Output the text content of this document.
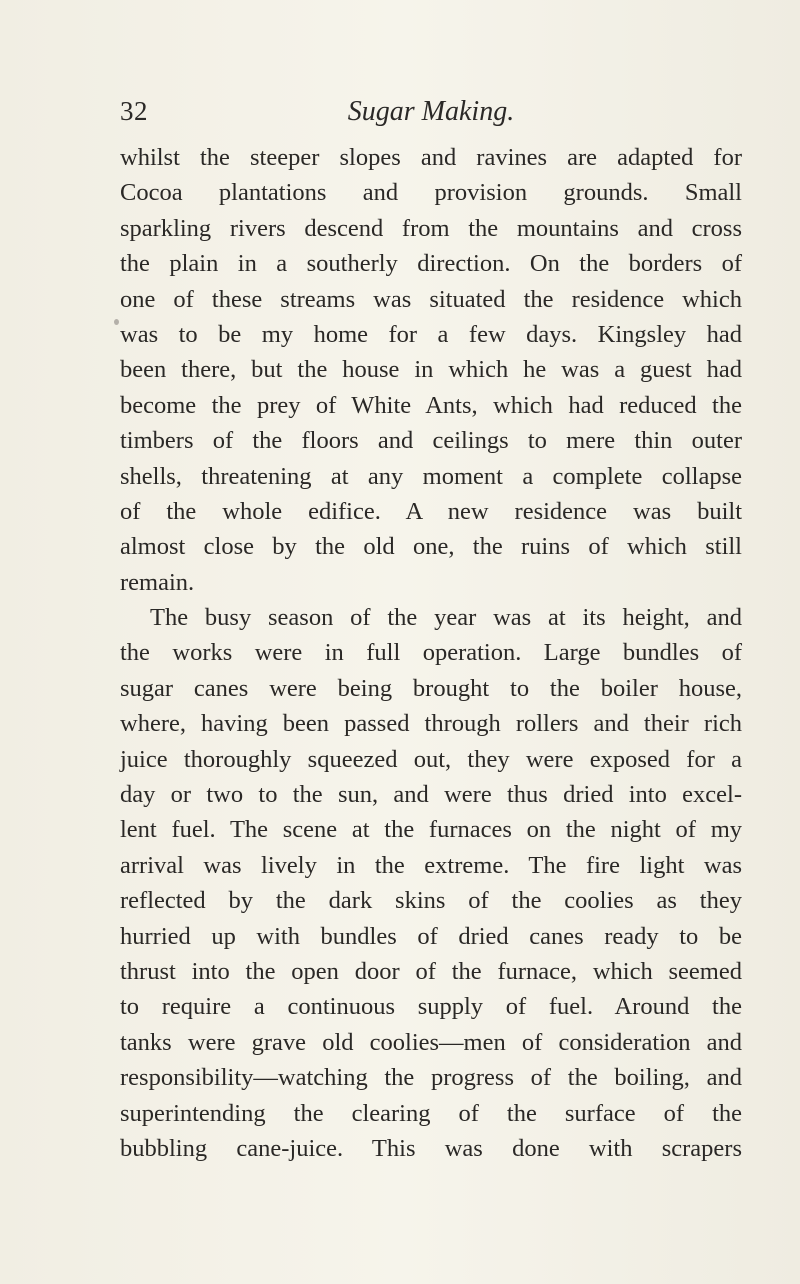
32	Sugar Making.
whilst the steeper slopes and ravines are adapted for
Cocoa plantations and provision grounds. Small
sparkling rivers descend from the mountains and cross
the plain in a southerly direction. On the borders of
one of these streams was situated the residence which
was to be my home for a few days. Kingsley had
been there, but the house in which he was a guest had
become the prey of White Ants, which had reduced the
timbers of the floors and ceilings to mere thin outer
shells, threatening at any moment a complete collapse
of the whole edifice. A new residence was built
almost close by the old one, the ruins of which still
remain.
The busy season of the year was at its height, and
the works were in full operation. Large bundles of
sugar canes were being brought to the boiler house,
where, having been passed through rollers and their rich
juice thoroughly squeezed out, they were exposed for a
day or two to the sun, and were thus dried into excel-
lent fuel. The scene at the furnaces on the night of my
arrival was lively in the extreme. The fire light was
reflected by the dark skins of the coolies as they
hurried up with bundles of dried canes ready to be
thrust into the open door of the furnace, which seemed
to require a continuous supply of fuel. Around the
tanks were grave old coolies—men of consideration and
responsibility—watching the progress of the boiling, and
superintending the clearing of the surface of the
bubbling cane-juice. This was done with scrapers
